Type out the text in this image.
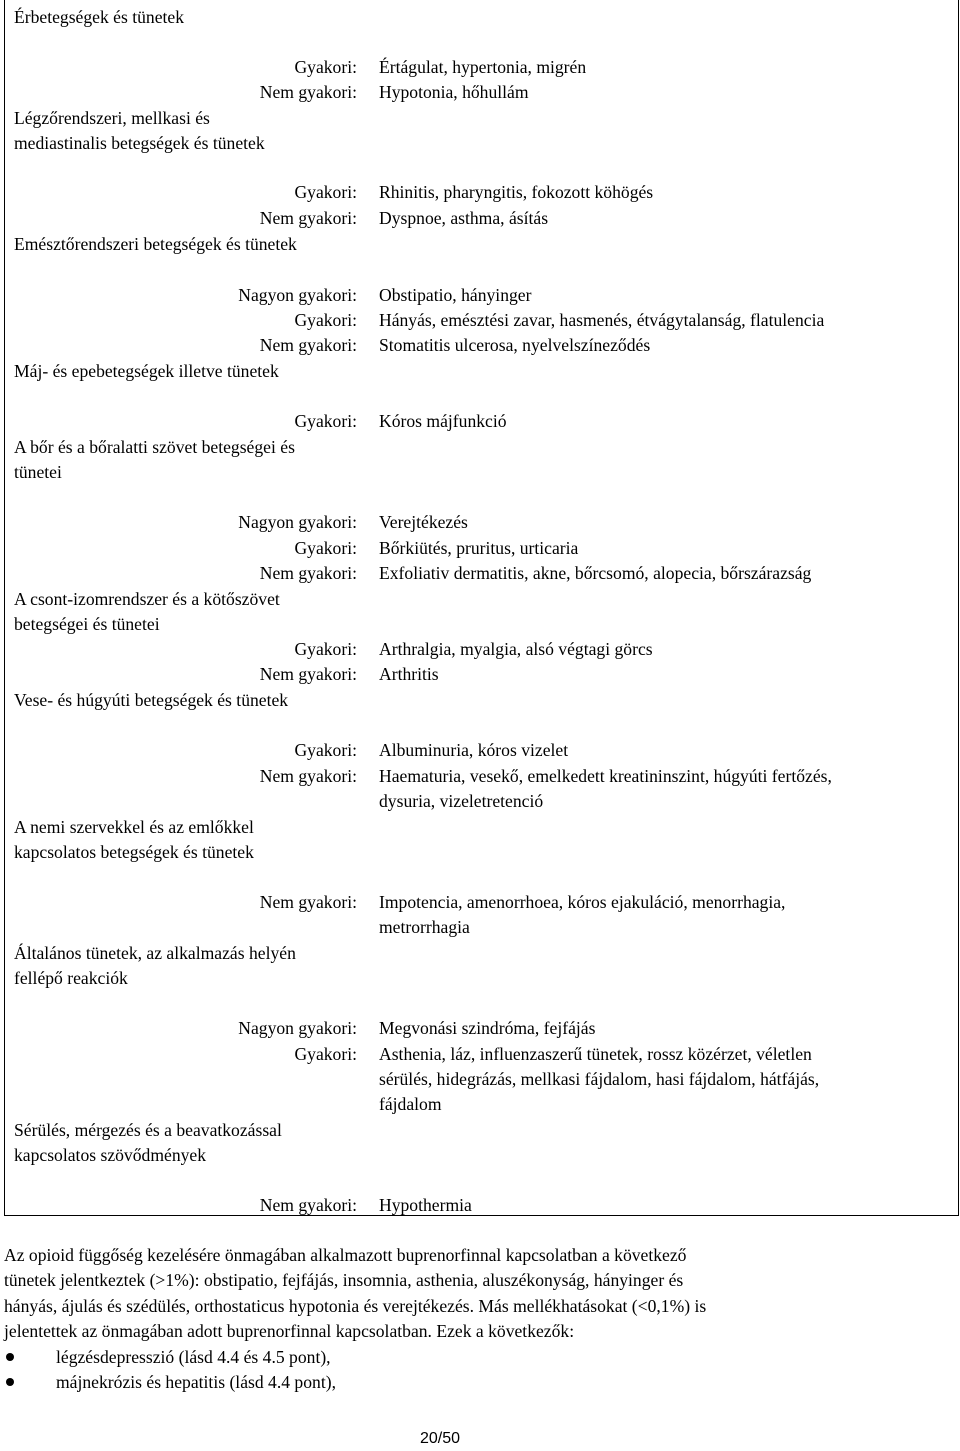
Érbetegségek és tünetek
Gyakori: Értágulat, hypertonia, migrén
Nem gyakori: Hypotonia, hőhullám
Légzőrendszeri, mellkasi és
mediastinalis betegségek és tünetek
Gyakori: Rhinitis, pharyngitis, fokozott köhögés
Nem gyakori: Dyspnoe, asthma, ásítás
Emésztőrendszeri betegségek és tünetek
Nagyon gyakori: Obstipatio, hányinger
Gyakori: Hányás, emésztési zavar, hasmenés, étvágytalanság, flatulencia
Nem gyakori: Stomatitis ulcerosa, nyelvelszíneződés
Máj- és epebetegségek illetve tünetek
Gyakori: Kóros májfunkció
A bőr és a bőralatti szövet betegségei és
tünetei
Nagyon gyakori: Verejtékezés
Gyakori: Bőrkiütés, pruritus, urticaria
Nem gyakori: Exfoliativ dermatitis, akne, bőrcsomó, alopecia, bőrszárazság
A csont-izomrendszer és a kötőszövet
betegségei és tünetei
Gyakori: Arthralgia, myalgia, alsó végtagi görcs
Nem gyakori: Arthritis
Vese- és húgyúti betegségek és tünetek
Gyakori: Albuminuria, kóros vizelet
Nem gyakori: Haematuria, vesekő, emelkedett kreatininszint, húgyúti fertőzés,
dysuria, vizeletretenció
A nemi szervekkel és az emlőkkel
kapcsolatos betegségek és tünetek
Nem gyakori: Impotencia, amenorrhoea, kóros ejakuláció, menorrhagia,
metrorrhagia
Általános tünetek, az alkalmazás helyén
fellépő reakciók
Nagyon gyakori: Megvonási szindróma, fejfájás
Gyakori: Asthenia, láz, influenzaszerű tünetek, rossz közérzet, véletlen
sérülés, hidegrázás, mellkasi fájdalom, hasi fájdalom, hátfájás,
fájdalom
Sérülés, mérgezés és a beavatkozással
kapcsolatos szövődmények
Nem gyakori: Hypothermia
Az opioid függőség kezelésére önmagában alkalmazott buprenorfinnal kapcsolatban a következő
tünetek jelentkeztek (>1%): obstipatio, fejfájás, insomnia, asthenia, aluszékonyság, hányinger és
hányás, ájulás és szédülés, orthostaticus hypotonia és verejtékezés. Más mellékhatásokat (<0,1%) is
jelentettek az önmagában adott buprenorfinnal kapcsolatban. Ezek a következők:
légzésdepresszió (lásd 4.4 és 4.5 pont),
májnekrózis és hepatitis (lásd 4.4 pont),
20/50
